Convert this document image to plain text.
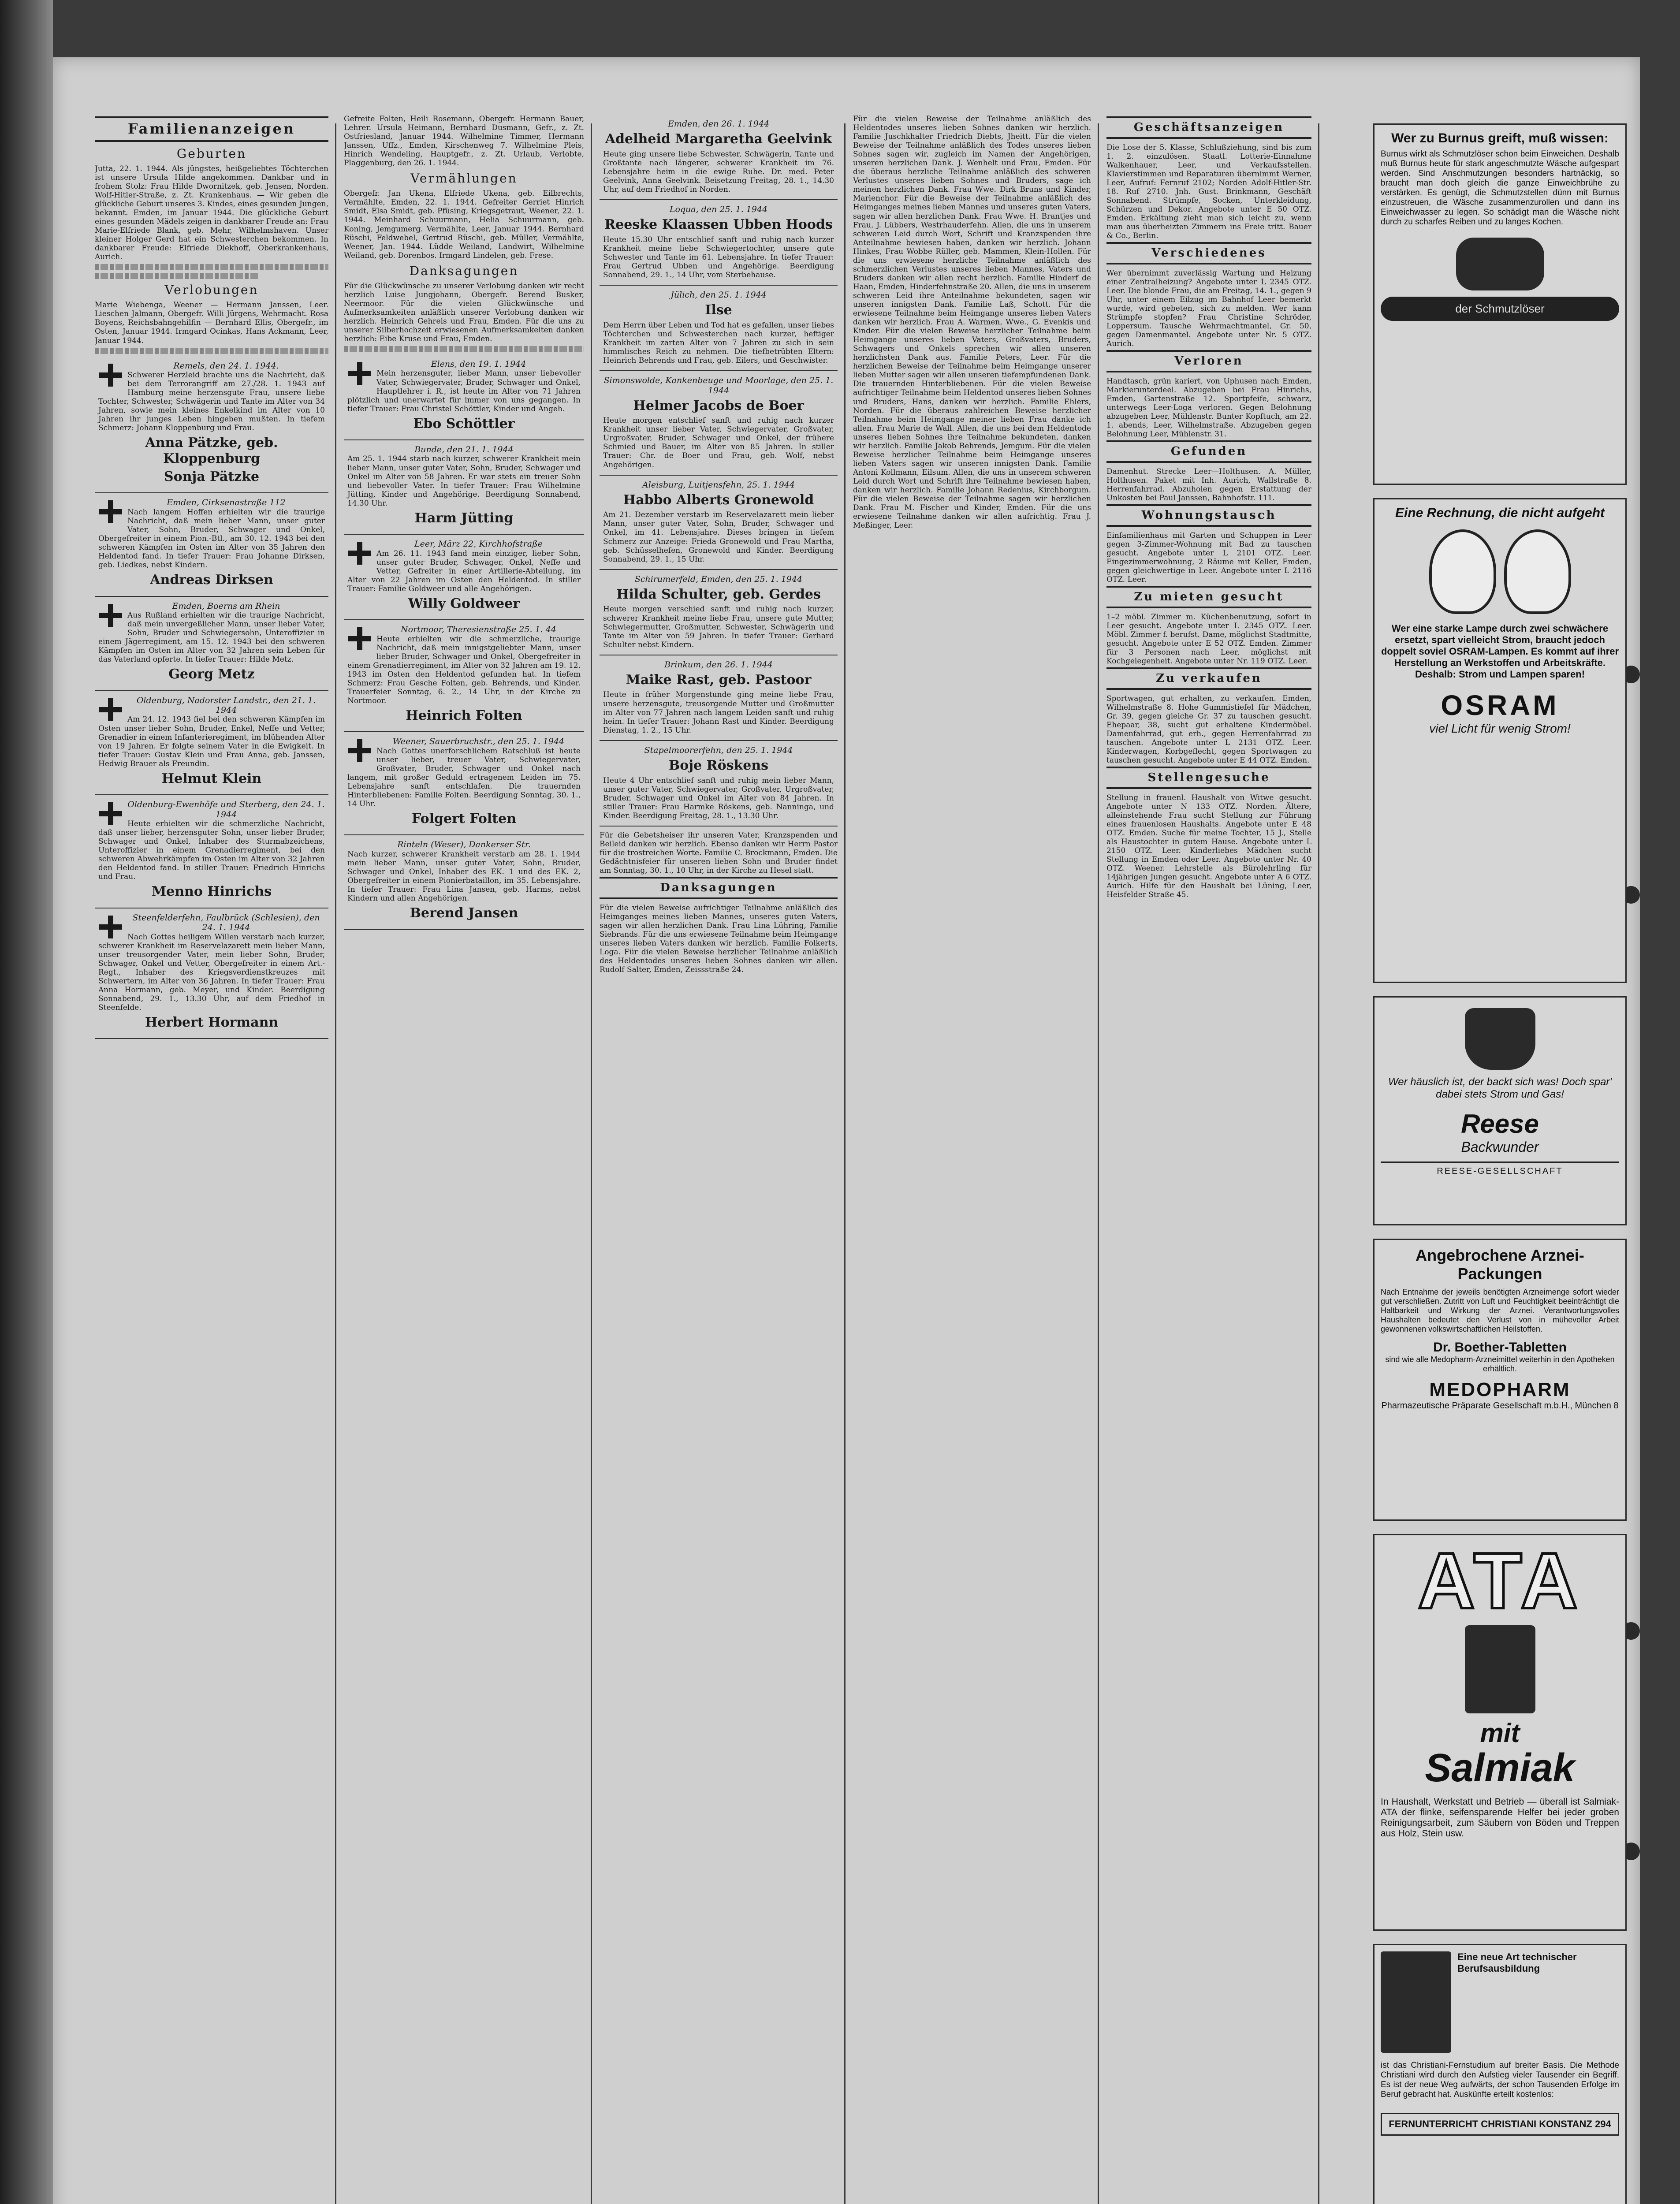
Familienanzeigen
Geburten
Jutta, 22. 1. 1944. Als jüngstes, heißgeliebtes Töchterchen ist unsere Ursula Hilde angekommen. Dankbar und in frohem Stolz: Frau Hilde Dwornitzek, geb. Jensen, Norden. Wolf-Hitler-Straße, z. Zt. Krankenhaus. — Wir geben die glückliche Geburt unseres 3. Kindes, eines gesunden Jungen, bekannt. Emden, im Januar 1944. Die glückliche Geburt eines gesunden Mädels zeigen in dankbarer Freude an: Frau Marie-Elfriede Blank, geb. Mehr, Wilhelmshaven. Unser kleiner Holger Gerd hat ein Schwesterchen bekommen. In dankbarer Freude: Elfriede Diekhoff, Oberkrankenhaus, Aurich.
Verlobungen
Marie Wiebenga, Weener — Hermann Janssen, Leer. Lieschen Jalmann, Obergefr. Willi Jürgens, Wehrmacht. Rosa Boyens, Reichsbahngehilfin — Bernhard Ellis, Obergefr., im Osten, Januar 1944. Irmgard Ocinkas, Hans Ackmann, Leer, Januar 1944.
Remels, den 24. 1. 1944.
Schwerer Herzleid brachte uns die Nachricht, daß bei dem Terrorangriff am 27./28. 1. 1943 auf Hamburg meine herzensgute Frau, unsere liebe Tochter, Schwester, Schwägerin und Tante im Alter von 34 Jahren, sowie mein kleines Enkelkind im Alter von 10 Jahren ihr junges Leben hingeben mußten. In tiefem Schmerz: Johann Kloppenburg und Frau.
Anna Pätzke, geb. Kloppenburg
Sonja Pätzke
Emden, Cirksenastraße 112
Nach langem Hoffen erhielten wir die traurige Nachricht, daß mein lieber Mann, unser guter Vater, Sohn, Bruder, Schwager und Onkel, Obergefreiter in einem Pion.-Btl., am 30. 12. 1943 bei den schweren Kämpfen im Osten im Alter von 35 Jahren den Heldentod fand. In tiefer Trauer: Frau Johanne Dirksen, geb. Liedkes, nebst Kindern.
Andreas Dirksen
Emden, Boerns am Rhein
Aus Rußland erhielten wir die traurige Nachricht, daß mein unvergeßlicher Mann, unser lieber Vater, Sohn, Bruder und Schwiegersohn, Unteroffizier in einem Jägerregiment, am 15. 12. 1943 bei den schweren Kämpfen im Osten im Alter von 32 Jahren sein Leben für das Vaterland opferte. In tiefer Trauer: Hilde Metz.
Georg Metz
Oldenburg, Nadorster Landstr., den 21. 1. 1944
Am 24. 12. 1943 fiel bei den schweren Kämpfen im Osten unser lieber Sohn, Bruder, Enkel, Neffe und Vetter, Grenadier in einem Infanterieregiment, im blühenden Alter von 19 Jahren. Er folgte seinem Vater in die Ewigkeit. In tiefer Trauer: Gustav Klein und Frau Anna, geb. Janssen, Hedwig Brauer als Freundin.
Helmut Klein
Oldenburg-Ewenhöfe und Sterberg, den 24. 1. 1944
Heute erhielten wir die schmerzliche Nachricht, daß unser lieber, herzensguter Sohn, unser lieber Bruder, Schwager und Onkel, Inhaber des Sturmabzeichens, Unteroffizier in einem Grenadierregiment, bei den schweren Abwehrkämpfen im Osten im Alter von 32 Jahren den Heldentod fand. In stiller Trauer: Friedrich Hinrichs und Frau.
Menno Hinrichs
Steenfelderfehn, Faulbrück (Schlesien), den 24. 1. 1944
Nach Gottes heiligem Willen verstarb nach kurzer, schwerer Krankheit im Reservelazarett mein lieber Mann, unser treusorgender Vater, mein lieber Sohn, Bruder, Schwager, Onkel und Vetter, Obergefreiter in einem Art.-Regt., Inhaber des Kriegsverdienstkreuzes mit Schwertern, im Alter von 36 Jahren. In tiefer Trauer: Frau Anna Hormann, geb. Meyer, und Kinder. Beerdigung Sonnabend, 29. 1., 13.30 Uhr, auf dem Friedhof in Steenfelde.
Herbert Hormann
Gefreite Folten, Heili Rosemann, Obergefr. Hermann Bauer, Lehrer. Ursula Heimann, Bernhard Dusmann, Gefr., z. Zt. Ostfriesland, Januar 1944. Wilhelmine Timmer, Hermann Janssen, Uffz., Emden, Kirschenweg 7. Wilhelmine Pleis, Hinrich Wendeling, Hauptgefr., z. Zt. Urlaub, Verlobte, Plaggenburg, den 26. 1. 1944.
Vermählungen
Obergefr. Jan Ukena, Elfriede Ukena, geb. Eilbrechts, Vermählte, Emden, 22. 1. 1944. Gefreiter Gerriet Hinrich Smidt, Elsa Smidt, geb. Pfüsing, Kriegsgetraut, Weener, 22. 1. 1944. Meinhard Schuurmann, Helia Schuurmann, geb. Koning, Jemgumerg. Vermählte, Leer, Januar 1944. Bernhard Rüschi, Feldwebel, Gertrud Rüschi, geb. Müller, Vermählte, Weener, Jan. 1944. Lüdde Weiland, Landwirt, Wilhelmine Weiland, geb. Dorenbos. Irmgard Lindelen, geb. Frese.
Danksagungen
Für die Glückwünsche zu unserer Verlobung danken wir recht herzlich Luise Jungjohann, Obergefr. Berend Busker, Neermoor. Für die vielen Glückwünsche und Aufmerksamkeiten anläßlich unserer Verlobung danken wir herzlich. Heinrich Gehrels und Frau, Emden. Für die uns zu unserer Silberhochzeit erwiesenen Aufmerksamkeiten danken herzlich: Eibe Kruse und Frau, Emden.
Elens, den 19. 1. 1944
Mein herzensguter, lieber Mann, unser liebevoller Vater, Schwiegervater, Bruder, Schwager und Onkel, Hauptlehrer i. R., ist heute im Alter von 71 Jahren plötzlich und unerwartet für immer von uns gegangen. In tiefer Trauer: Frau Christel Schöttler, Kinder und Angeh.
Ebo Schöttler
Bunde, den 21. 1. 1944
Am 25. 1. 1944 starb nach kurzer, schwerer Krankheit mein lieber Mann, unser guter Vater, Sohn, Bruder, Schwager und Onkel im Alter von 58 Jahren. Er war stets ein treuer Sohn und liebevoller Vater. In tiefer Trauer: Frau Wilhelmine Jütting, Kinder und Angehörige. Beerdigung Sonnabend, 14.30 Uhr.
Harm Jütting
Leer, März 22, Kirchhofstraße
Am 26. 11. 1943 fand mein einziger, lieber Sohn, unser guter Bruder, Schwager, Onkel, Neffe und Vetter, Gefreiter in einer Artillerie-Abteilung, im Alter von 22 Jahren im Osten den Heldentod. In stiller Trauer: Familie Goldweer und alle Angehörigen.
Willy Goldweer
Nortmoor, Theresienstraße 25. 1. 44
Heute erhielten wir die schmerzliche, traurige Nachricht, daß mein innigstgeliebter Mann, unser lieber Bruder, Schwager und Onkel, Obergefreiter in einem Grenadierregiment, im Alter von 32 Jahren am 19. 12. 1943 im Osten den Heldentod gefunden hat. In tiefem Schmerz: Frau Gesche Folten, geb. Behrends, und Kinder. Trauerfeier Sonntag, 6. 2., 14 Uhr, in der Kirche zu Nortmoor.
Heinrich Folten
Weener, Sauerbruchstr., den 25. 1. 1944
Nach Gottes unerforschlichem Ratschluß ist heute unser lieber, treuer Vater, Schwiegervater, Großvater, Bruder, Schwager und Onkel nach langem, mit großer Geduld ertragenem Leiden im 75. Lebensjahre sanft entschlafen. Die trauernden Hinterbliebenen: Familie Folten. Beerdigung Sonntag, 30. 1., 14 Uhr.
Folgert Folten
Rinteln (Weser), Dankerser Str.
Nach kurzer, schwerer Krankheit verstarb am 28. 1. 1944 mein lieber Mann, unser guter Vater, Sohn, Bruder, Schwager und Onkel, Inhaber des EK. 1 und des EK. 2, Obergefreiter in einem Pionierbataillon, im 35. Lebensjahre. In tiefer Trauer: Frau Lina Jansen, geb. Harms, nebst Kindern und allen Angehörigen.
Berend Jansen
Emden, den 26. 1. 1944
Adelheid Margaretha Geelvink
Heute ging unsere liebe Schwester, Schwägerin, Tante und Großtante nach längerer, schwerer Krankheit im 76. Lebensjahre heim in die ewige Ruhe. Dr. med. Peter Geelvink, Anna Geelvink. Beisetzung Freitag, 28. 1., 14.30 Uhr, auf dem Friedhof in Norden.
Loqua, den 25. 1. 1944
Reeske Klaassen Ubben Hoods
Heute 15.30 Uhr entschlief sanft und ruhig nach kurzer Krankheit meine liebe Schwiegertochter, unsere gute Schwester und Tante im 61. Lebensjahre. In tiefer Trauer: Frau Gertrud Ubben und Angehörige. Beerdigung Sonnabend, 29. 1., 14 Uhr, vom Sterbehause.
Jülich, den 25. 1. 1944
Ilse
Dem Herrn über Leben und Tod hat es gefallen, unser liebes Töchterchen und Schwesterchen nach kurzer, heftiger Krankheit im zarten Alter von 7 Jahren zu sich in sein himmlisches Reich zu nehmen. Die tiefbetrübten Eltern: Heinrich Behrends und Frau, geb. Eilers, und Geschwister.
Simonswolde, Kankenbeuge und Moorlage, den 25. 1. 1944
Helmer Jacobs de Boer
Heute morgen entschlief sanft und ruhig nach kurzer Krankheit unser lieber Vater, Schwiegervater, Großvater, Urgroßvater, Bruder, Schwager und Onkel, der frühere Schmied und Bauer, im Alter von 85 Jahren. In stiller Trauer: Chr. de Boer und Frau, geb. Wolf, nebst Angehörigen.
Aleisburg, Luitjensfehn, 25. 1. 1944
Habbo Alberts Gronewold
Am 21. Dezember verstarb im Reservelazarett mein lieber Mann, unser guter Vater, Sohn, Bruder, Schwager und Onkel, im 41. Lebensjahre. Dieses bringen in tiefem Schmerz zur Anzeige: Frieda Gronewold und Frau Martha, geb. Schüsselhefen, Gronewold und Kinder. Beerdigung Sonnabend, 29. 1., 15 Uhr.
Schirumerfeld, Emden, den 25. 1. 1944
Hilda Schulter, geb. Gerdes
Heute morgen verschied sanft und ruhig nach kurzer, schwerer Krankheit meine liebe Frau, unsere gute Mutter, Schwiegermutter, Großmutter, Schwester, Schwägerin und Tante im Alter von 59 Jahren. In tiefer Trauer: Gerhard Schulter nebst Kindern.
Brinkum, den 26. 1. 1944
Maike Rast, geb. Pastoor
Heute in früher Morgenstunde ging meine liebe Frau, unsere herzensgute, treusorgende Mutter und Großmutter im Alter von 77 Jahren nach langem Leiden sanft und ruhig heim. In tiefer Trauer: Johann Rast und Kinder. Beerdigung Dienstag, 1. 2., 15 Uhr.
Stapelmoorerfehn, den 25. 1. 1944
Boje Röskens
Heute 4 Uhr entschlief sanft und ruhig mein lieber Mann, unser guter Vater, Schwiegervater, Großvater, Urgroßvater, Bruder, Schwager und Onkel im Alter von 84 Jahren. In stiller Trauer: Frau Harmke Röskens, geb. Nanninga, und Kinder. Beerdigung Freitag, 28. 1., 13.30 Uhr.
Für die Gebetsheiser ihr unseren Vater, Kranzspenden und Beileid danken wir herzlich. Ebenso danken wir Herrn Pastor für die trostreichen Worte. Familie C. Brockmann, Emden. Die Gedächtnisfeier für unseren lieben Sohn und Bruder findet am Sonntag, 30. 1., 10 Uhr, in der Kirche zu Hesel statt.
Danksagungen
Für die vielen Beweise aufrichtiger Teilnahme anläßlich des Heimganges meines lieben Mannes, unseres guten Vaters, sagen wir allen herzlichen Dank. Frau Lina Lühring, Familie Siebrands. Für die uns erwiesene Teilnahme beim Heimgange unseres lieben Vaters danken wir herzlich. Familie Folkerts, Loga. Für die vielen Beweise herzlicher Teilnahme anläßlich des Heldentodes unseres lieben Sohnes danken wir allen. Rudolf Salter, Emden, Zeissstraße 24.
Für die vielen Beweise der Teilnahme anläßlich des Heldentodes unseres lieben Sohnes danken wir herzlich. Familie Juschkhalter Friedrich Diebts, Jheitt. Für die vielen Beweise der Teilnahme anläßlich des Todes unseres lieben Sohnes sagen wir, zugleich im Namen der Angehörigen, unseren herzlichen Dank. J. Wenhelt und Frau, Emden. Für die überaus herzliche Teilnahme anläßlich des schweren Verlustes unseres lieben Sohnes und Bruders, sage ich meinen herzlichen Dank. Frau Wwe. Dirk Bruns und Kinder, Marienchor. Für die Beweise der Teilnahme anläßlich des Heimganges meines lieben Mannes und unseres guten Vaters, sagen wir allen herzlichen Dank. Frau Wwe. H. Brantjes und Frau, J. Lübbers, Westrhauderfehn. Allen, die uns in unserem schweren Leid durch Wort, Schrift und Kranzspenden ihre Anteilnahme bewiesen haben, danken wir herzlich. Johann Hinkes, Frau Wobbe Rüller, geb. Mammen, Klein-Hollen. Für die uns erwiesene herzliche Teilnahme anläßlich des schmerzlichen Verlustes unseres lieben Mannes, Vaters und Bruders danken wir allen recht herzlich. Familie Hinderf de Haan, Emden, Hinderfehnstraße 20. Allen, die uns in unserem schweren Leid ihre Anteilnahme bekundeten, sagen wir unseren innigsten Dank. Familie Laß, Schott. Für die erwiesene Teilnahme beim Heimgange unseres lieben Vaters danken wir herzlich. Frau A. Warmen, Wwe., G. Evenkis und Kinder. Für die vielen Beweise herzlicher Teilnahme beim Heimgange unseres lieben Vaters, Großvaters, Bruders, Schwagers und Onkels sprechen wir allen unseren herzlichsten Dank aus. Familie Peters, Leer. Für die herzlichen Beweise der Teilnahme beim Heimgange unserer lieben Mutter sagen wir allen unseren tiefempfundenen Dank. Die trauernden Hinterbliebenen. Für die vielen Beweise aufrichtiger Teilnahme beim Heldentod unseres lieben Sohnes und Bruders, Hans, danken wir herzlich. Familie Ehlers, Norden. Für die überaus zahlreichen Beweise herzlicher Teilnahme beim Heimgange meiner lieben Frau danke ich allen. Frau Marie de Wall. Allen, die uns bei dem Heldentode unseres lieben Sohnes ihre Teilnahme bekundeten, danken wir herzlich. Familie Jakob Behrends, Jemgum. Für die vielen Beweise herzlicher Teilnahme beim Heimgange unseres lieben Vaters sagen wir unseren innigsten Dank. Familie Antoni Kollmann, Eilsum. Allen, die uns in unserem schweren Leid durch Wort und Schrift ihre Teilnahme bewiesen haben, danken wir herzlich. Familie Johann Redenius, Kirchborgum. Für die vielen Beweise der Teilnahme sagen wir herzlichen Dank. Frau M. Fischer und Kinder, Emden. Für die uns erwiesene Teilnahme danken wir allen aufrichtig. Frau J. Meßinger, Leer.
Geschäftsanzeigen
Die Lose der 5. Klasse, Schlußziehung, sind bis zum 1. 2. einzulösen. Staatl. Lotterie-Einnahme Walkenhauer, Leer, und Verkaufsstellen. Klavierstimmen und Reparaturen übernimmt Werner, Leer, Aufruf: Fernruf 2102; Norden Adolf-Hitler-Str. 18. Ruf 2710. Jnh. Gust. Brinkmann, Geschäft Sonnabend. Strümpfe, Socken, Unterkleidung, Schürzen und Dekor. Angebote unter E 50 OTZ. Emden. Erkältung zieht man sich leicht zu, wenn man aus überheizten Zimmern ins Freie tritt. Bauer & Co., Berlin.
Verschiedenes
Wer übernimmt zuverlässig Wartung und Heizung einer Zentralheizung? Angebote unter L 2345 OTZ. Leer. Die blonde Frau, die am Freitag, 14. 1., gegen 9 Uhr, unter einem Eilzug im Bahnhof Leer bemerkt wurde, wird gebeten, sich zu melden. Wer kann Strümpfe stopfen? Frau Christine Schröder, Loppersum. Tausche Wehrmachtmantel, Gr. 50, gegen Damenmantel. Angebote unter Nr. 5 OTZ. Aurich.
Verloren
Handtasch, grün kariert, von Uphusen nach Emden, Markierunterdeel. Abzugeben bei Frau Hinrichs, Emden, Gartenstraße 12. Sportpfeife, schwarz, unterwegs Leer-Loga verloren. Gegen Belohnung abzugeben Leer, Mühlenstr. Bunter Kopftuch, am 22. 1. abends, Leer, Wilhelmstraße. Abzugeben gegen Belohnung Leer, Mühlenstr. 31.
Gefunden
Damenhut. Strecke Leer—Holthusen. A. Müller, Holthusen. Paket mit Inh. Aurich, Wallstraße 8. Herrenfahrrad. Abzuholen gegen Erstattung der Unkosten bei Paul Janssen, Bahnhofstr. 111.
Wohnungstausch
Einfamilienhaus mit Garten und Schuppen in Leer gegen 3-Zimmer-Wohnung mit Bad zu tauschen gesucht. Angebote unter L 2101 OTZ. Leer. Eingezimmerwohnung, 2 Räume mit Keller, Emden, gegen gleichwertige in Leer. Angebote unter L 2116 OTZ. Leer.
Zu mieten gesucht
1–2 möbl. Zimmer m. Küchenbenutzung, sofort in Leer gesucht. Angebote unter L 2345 OTZ. Leer. Möbl. Zimmer f. berufst. Dame, möglichst Stadtmitte, gesucht. Angebote unter E 52 OTZ. Emden. Zimmer für 3 Personen nach Leer, möglichst mit Kochgelegenheit. Angebote unter Nr. 119 OTZ. Leer.
Zu verkaufen
Sportwagen, gut erhalten, zu verkaufen. Emden, Wilhelmstraße 8. Hohe Gummistiefel für Mädchen, Gr. 39, gegen gleiche Gr. 37 zu tauschen gesucht. Ehepaar, 38, sucht gut erhaltene Kindermöbel. Damenfahrrad, gut erh., gegen Herrenfahrrad zu tauschen. Angebote unter L 2131 OTZ. Leer. Kinderwagen, Korbgeflecht, gegen Sportwagen zu tauschen gesucht. Angebote unter E 44 OTZ. Emden.
Stellengesuche
Stellung in frauenl. Haushalt von Witwe gesucht. Angebote unter N 133 OTZ. Norden. Ältere, alleinstehende Frau sucht Stellung zur Führung eines frauenlosen Haushalts. Angebote unter E 48 OTZ. Emden. Suche für meine Tochter, 15 J., Stelle als Haustochter in gutem Hause. Angebote unter L 2150 OTZ. Leer. Kinderliebes Mädchen sucht Stellung in Emden oder Leer. Angebote unter Nr. 40 OTZ. Weener. Lehrstelle als Bürolehrling für 14jährigen Jungen gesucht. Angebote unter A 6 OTZ. Aurich. Hilfe für den Haushalt bei Lüning, Leer, Heisfelder Straße 45.
Wer zu Burnus greift, muß wissen:
Burnus wirkt als Schmutzlöser schon beim Einweichen. Deshalb muß Burnus heute für stark angeschmutzte Wäsche aufgespart werden. Sind Anschmutzungen besonders hartnäckig, so braucht man doch gleich die ganze Einweichbrühe zu verstärken. Es genügt, die Schmutzstellen dünn mit Burnus einzustreuen, die Wäsche zusammenzurollen und dann ins Einweichwasser zu legen. So schädigt man die Wäsche nicht durch zu scharfes Reiben und zu langes Kochen.
der Schmutzlöser
Eine Rechnung, die nicht aufgeht
Wer eine starke Lampe durch zwei schwächere ersetzt, spart vielleicht Strom, braucht jedoch doppelt soviel OSRAM-Lampen. Es kommt auf ihrer Herstellung an Werkstoffen und Arbeitskräfte. Deshalb: Strom und Lampen sparen!
OSRAM
viel Licht für wenig Strom!
Wer häuslich ist, der backt sich was! Doch spar' dabei stets Strom und Gas!
Reese
Backwunder
REESE-GESELLSCHAFT
Angebrochene Arznei-Packungen
Nach Entnahme der jeweils benötigten Arzneimenge sofort wieder gut verschließen. Zutritt von Luft und Feuchtigkeit beeinträchtigt die Haltbarkeit und Wirkung der Arznei. Verantwortungsvolles Haushalten bedeutet den Verlust von in mühevoller Arbeit gewonnenen volkswirtschaftlichen Heilstoffen.
Dr. Boether-Tabletten
sind wie alle Medopharm-Arzneimittel weiterhin in den Apotheken erhältlich.
MEDOPHARM
Pharmazeutische Präparate Gesellschaft m.b.H., München 8
ATA
mit
Salmiak
In Haushalt, Werkstatt und Betrieb — überall ist Salmiak-ATA der flinke, seifensparende Helfer bei jeder groben Reinigungsarbeit, zum Säubern von Böden und Treppen aus Holz, Stein usw.
Eine neue Art technischer Berufsausbildung
ist das Christiani-Fernstudium auf breiter Basis. Die Methode Christiani wird durch den Aufstieg vieler Tausender ein Begriff. Es ist der neue Weg aufwärts, der schon Tausenden Erfolge im Beruf gebracht hat. Auskünfte erteilt kostenlos:
FERNUNTERRICHT CHRISTIANI KONSTANZ 294
